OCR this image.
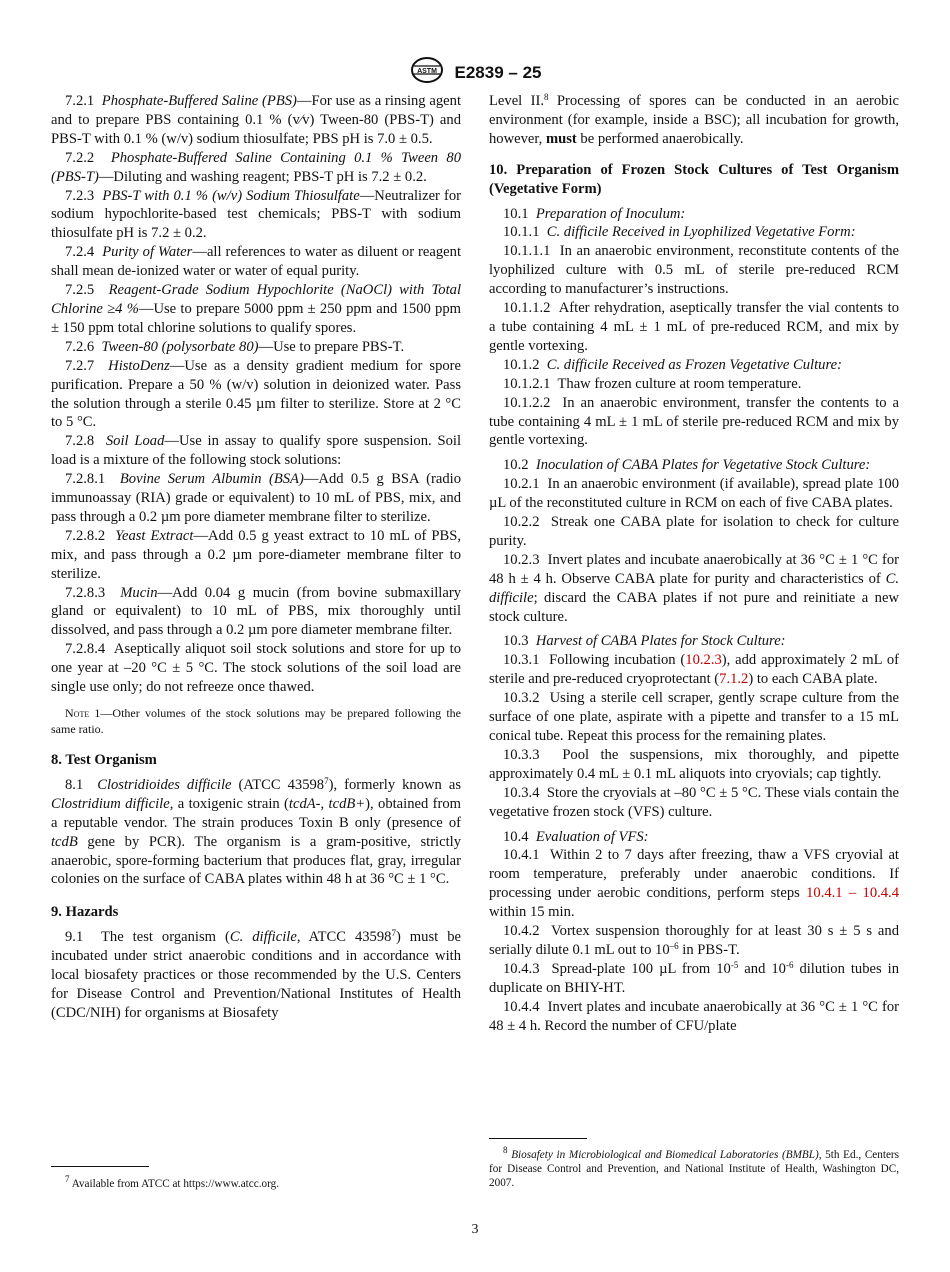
ASTM E2839 – 25

7.2.1 Phosphate-Buffered Saline (PBS)—For use as a rinsing agent and to prepare PBS containing 0.1 % (v⁄v) Tween-80 (PBS-T) and PBS-T with 0.1 % (w/v) sodium thiosulfate; PBS pH is 7.0 ± 0.5.

7.2.2 Phosphate-Buffered Saline Containing 0.1 % Tween 80 (PBS-T)—Diluting and washing reagent; PBS-T pH is 7.2 ± 0.2.

7.2.3 PBS-T with 0.1 % (w/v) Sodium Thiosulfate—Neutralizer for sodium hypochlorite-based test chemicals; PBS-T with sodium thiosulfate pH is 7.2 ± 0.2.

7.2.4 Purity of Water—all references to water as diluent or reagent shall mean de-ionized water or water of equal purity.

7.2.5 Reagent-Grade Sodium Hypochlorite (NaOCl) with Total Chlorine ≥4 %—Use to prepare 5000 ppm ± 250 ppm and 1500 ppm ± 150 ppm total chlorine solutions to qualify spores.

7.2.6 Tween-80 (polysorbate 80)—Use to prepare PBS-T.

7.2.7 HistoDenz—Use as a density gradient medium for spore purification. Prepare a 50 % (w/v) solution in deionized water. Pass the solution through a sterile 0.45 µm filter to sterilize. Store at 2 °C to 5 °C.

7.2.8 Soil Load—Use in assay to qualify spore suspension. Soil load is a mixture of the following stock solutions:

7.2.8.1 Bovine Serum Albumin (BSA)—Add 0.5 g BSA (radio immunoassay (RIA) grade or equivalent) to 10 mL of PBS, mix, and pass through a 0.2 µm pore diameter membrane filter to sterilize.

7.2.8.2 Yeast Extract—Add 0.5 g yeast extract to 10 mL of PBS, mix, and pass through a 0.2 µm pore-diameter membrane filter to sterilize.

7.2.8.3 Mucin—Add 0.04 g mucin (from bovine submaxillary gland or equivalent) to 10 mL of PBS, mix thoroughly until dissolved, and pass through a 0.2 µm pore diameter membrane filter.

7.2.8.4 Aseptically aliquot soil stock solutions and store for up to one year at –20 °C ± 5 °C. The stock solutions of the soil load are single use only; do not refreeze once thawed.

Note 1—Other volumes of the stock solutions may be prepared following the same ratio.

8. Test Organism

8.1 Clostridioides difficile (ATCC 43598$^7$), formerly known as Clostridium difficile, a toxigenic strain (tcdA-, tcdB+), obtained from a reputable vendor. The strain produces Toxin B only (presence of tcdB gene by PCR). The organism is a gram-positive, strictly anaerobic, spore-forming bacterium that produces flat, gray, irregular colonies on the surface of CABA plates within 48 h at 36 °C ± 1 °C.

9. Hazards

9.1 The test organism (C. difficile, ATCC 43598$^7$) must be incubated under strict anaerobic conditions and in accordance with local biosafety practices or those recommended by the U.S. Centers for Disease Control and Prevention/National Institutes of Health (CDC/NIH) for organisms at Biosafety

Level II.$^8$ Processing of spores can be conducted in an aerobic environment (for example, inside a BSC); all incubation for growth, however, must be performed anaerobically.

10. Preparation of Frozen Stock Cultures of Test Organism (Vegetative Form)

10.1 Preparation of Inoculum:

10.1.1 C. difficile Received in Lyophilized Vegetative Form:

10.1.1.1 In an anaerobic environment, reconstitute contents of the lyophilized culture with 0.5 mL of sterile pre-reduced RCM according to manufacturer’s instructions.

10.1.1.2 After rehydration, aseptically transfer the vial contents to a tube containing 4 mL ± 1 mL of pre-reduced RCM, and mix by gentle vortexing.

10.1.2 C. difficile Received as Frozen Vegetative Culture:

10.1.2.1 Thaw frozen culture at room temperature.

10.1.2.2 In an anaerobic environment, transfer the contents to a tube containing 4 mL ± 1 mL of sterile pre-reduced RCM and mix by gentle vortexing.

10.2 Inoculation of CABA Plates for Vegetative Stock Culture:

10.2.1 In an anaerobic environment (if available), spread plate 100 µL of the reconstituted culture in RCM on each of five CABA plates.

10.2.2 Streak one CABA plate for isolation to check for culture purity.

10.2.3 Invert plates and incubate anaerobically at 36 °C ± 1 °C for 48 h ± 4 h. Observe CABA plate for purity and characteristics of C. difficile; discard the CABA plates if not pure and reinitiate a new stock culture.

10.3 Harvest of CABA Plates for Stock Culture:

10.3.1 Following incubation (10.2.3), add approximately 2 mL of sterile and pre-reduced cryoprotectant (7.1.2) to each CABA plate.

10.3.2 Using a sterile cell scraper, gently scrape culture from the surface of one plate, aspirate with a pipette and transfer to a 15 mL conical tube. Repeat this process for the remaining plates.

10.3.3 Pool the suspensions, mix thoroughly, and pipette approximately 0.4 mL ± 0.1 mL aliquots into cryovials; cap tightly.

10.3.4 Store the cryovials at –80 °C ± 5 °C. These vials contain the vegetative frozen stock (VFS) culture.

10.4 Evaluation of VFS:

10.4.1 Within 2 to 7 days after freezing, thaw a VFS cryovial at room temperature, preferably under anaerobic conditions. If processing under aerobic conditions, perform steps 10.4.1 – 10.4.4 within 15 min.

10.4.2 Vortex suspension thoroughly for at least 30 s ± 5 s and serially dilute 0.1 mL out to $10^{-6}$ in PBS-T.

10.4.3 Spread-plate 100 µL from $10^{-5}$ and $10^{-6}$ dilution tubes in duplicate on BHIY-HT.

10.4.4 Invert plates and incubate anaerobically at 36 °C ± 1 °C for 48 ± 4 h. Record the number of CFU/plate

$^7$ Available from ATCC at https://www.atcc.org.

$^8$ Biosafety in Microbiological and Biomedical Laboratories (BMBL), 5th Ed., Centers for Disease Control and Prevention, and National Institute of Health, Washington DC, 2007.

3
